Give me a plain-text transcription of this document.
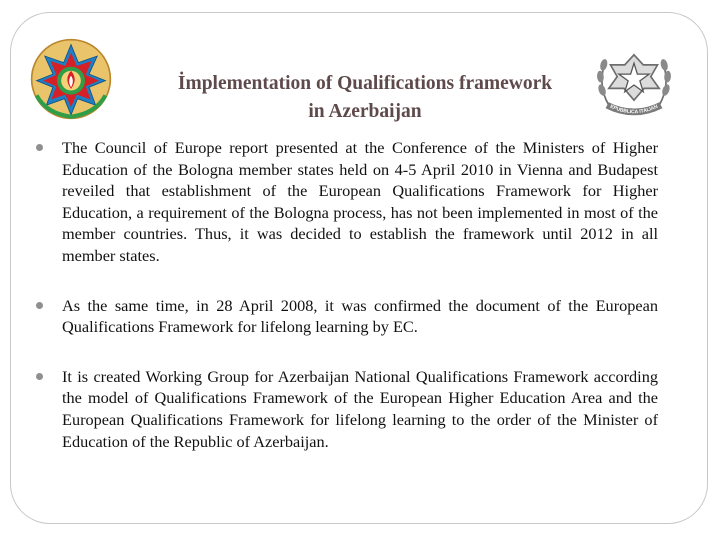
EPUBBLICA ITALIAN
İmplementation of Qualifications framework
in Azerbaijan
The Council of Europe report presented at the Conference of the Ministers of Higher Education of the Bologna member states held on 4-5 April 2010 in Vienna and Budapest reveiled that establishment of the European Qualifications Framework for Higher Education, a requirement of the Bologna process, has not been implemented in most of the member countries. Thus, it was decided to establish the framework until 2012 in all member states.
As the same time, in 28 April 2008, it was confirmed the document of the European Qualifications Framework for lifelong learning by EC.
It is created Working Group for Azerbaijan National Qualifications Framework according the model of Qualifications Framework of the European Higher Education Area and the European Qualifications Framework for lifelong learning to the order of the Minister of Education of the Republic of Azerbaijan.
